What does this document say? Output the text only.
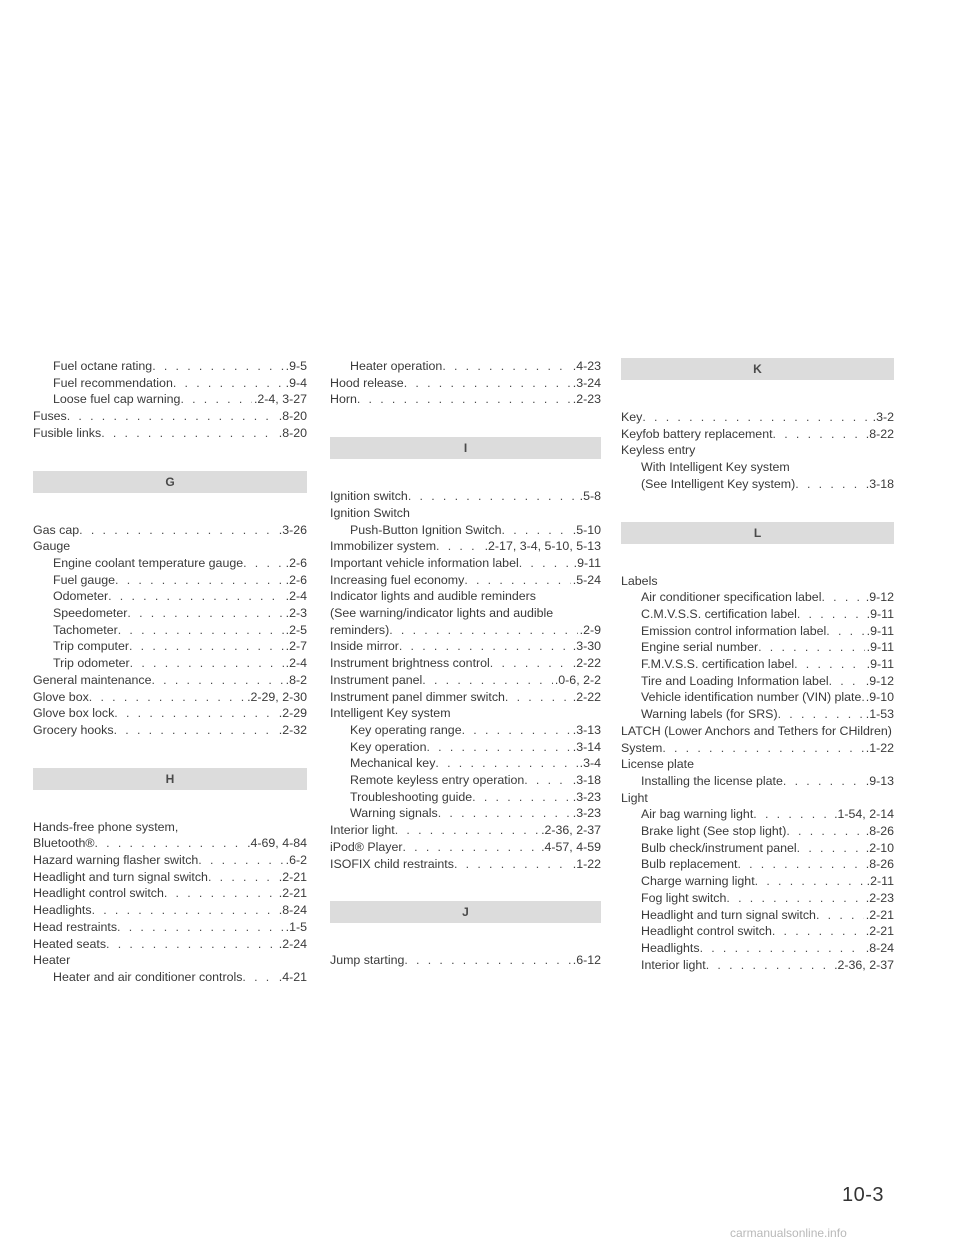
Fuel octane rating . . .	.9-5
Fuel recommendation . . .	.9-4
Loose fuel cap warning . . .	.2-4, 3-27
Fuses . . .	.8-20
Fusible links . . .	.8-20
G
Gas cap . . .	.3-26
Gauge
Engine coolant temperature gauge . . .	.2-6
Fuel gauge . . .	.2-6
Odometer . . .	.2-4
Speedometer . . .	.2-3
Tachometer . . .	.2-5
Trip computer . . .	.2-7
Trip odometer . . .	.2-4
General maintenance . . .	.8-2
Glove box . . .	.2-29, 2-30
Glove box lock . . .	.2-29
Grocery hooks . . .	.2-32
H
Hands-free phone system,
Bluetooth® . . .	.4-69, 4-84
Hazard warning flasher switch . . .	.6-2
Headlight and turn signal switch . . .	.2-21
Headlight control switch . . .	.2-21
Headlights . . .	.8-24
Head restraints . . .	.1-5
Heated seats . . .	.2-24
Heater
Heater and air conditioner controls . . .	.4-21
Heater operation . . .	.4-23
Hood release . . .	.3-24
Horn . . .	.2-23
I
Ignition switch . . .	.5-8
Ignition Switch
Push-Button Ignition Switch . . .	.5-10
Immobilizer system . . .	.2-17, 3-4, 5-10, 5-13
Important vehicle information label . . .	.9-11
Increasing fuel economy . . .	.5-24
Indicator lights and audible reminders
(See warning/indicator lights and audible
reminders) . . .	.2-9
Inside mirror . . .	.3-30
Instrument brightness control . . .	.2-22
Instrument panel . . .	.0-6, 2-2
Instrument panel dimmer switch . . .	.2-22
Intelligent Key system
Key operating range . . .	.3-13
Key operation . . .	.3-14
Mechanical key . . .	.3-4
Remote keyless entry operation . . .	.3-18
Troubleshooting guide . . .	.3-23
Warning signals . . .	.3-23
Interior light . . .	.2-36, 2-37
iPod® Player . . .	.4-57, 4-59
ISOFIX child restraints . . .	.1-22
J
Jump starting . . .	.6-12
K
Key . . .	.3-2
Keyfob battery replacement . . .	.8-22
Keyless entry
With Intelligent Key system
(See Intelligent Key system) . . .	.3-18
L
Labels
Air conditioner specification label . . .	.9-12
C.M.V.S.S. certification label . . .	.9-11
Emission control information label . . .	.9-11
Engine serial number . . .	.9-11
F.M.V.S.S. certification label . . .	.9-11
Tire and Loading Information label . . .	.9-12
Vehicle identification number (VIN) plate . . . .9-10
Warning labels (for SRS) . . .	.1-53
LATCH (Lower Anchors and Tethers for CHildren)
System . . .	.1-22
License plate
Installing the license plate . . .	.9-13
Light
Air bag warning light . . .	.1-54, 2-14
Brake light (See stop light) . . .	.8-26
Bulb check/instrument panel . . .	.2-10
Bulb replacement . . .	.8-26
Charge warning light . . .	.2-11
Fog light switch . . .	.2-23
Headlight and turn signal switch . . .	.2-21
Headlight control switch . . .	.2-21
Headlights . . .	.8-24
Interior light . . .	.2-36, 2-37
10-3
carmanualsonline.info
